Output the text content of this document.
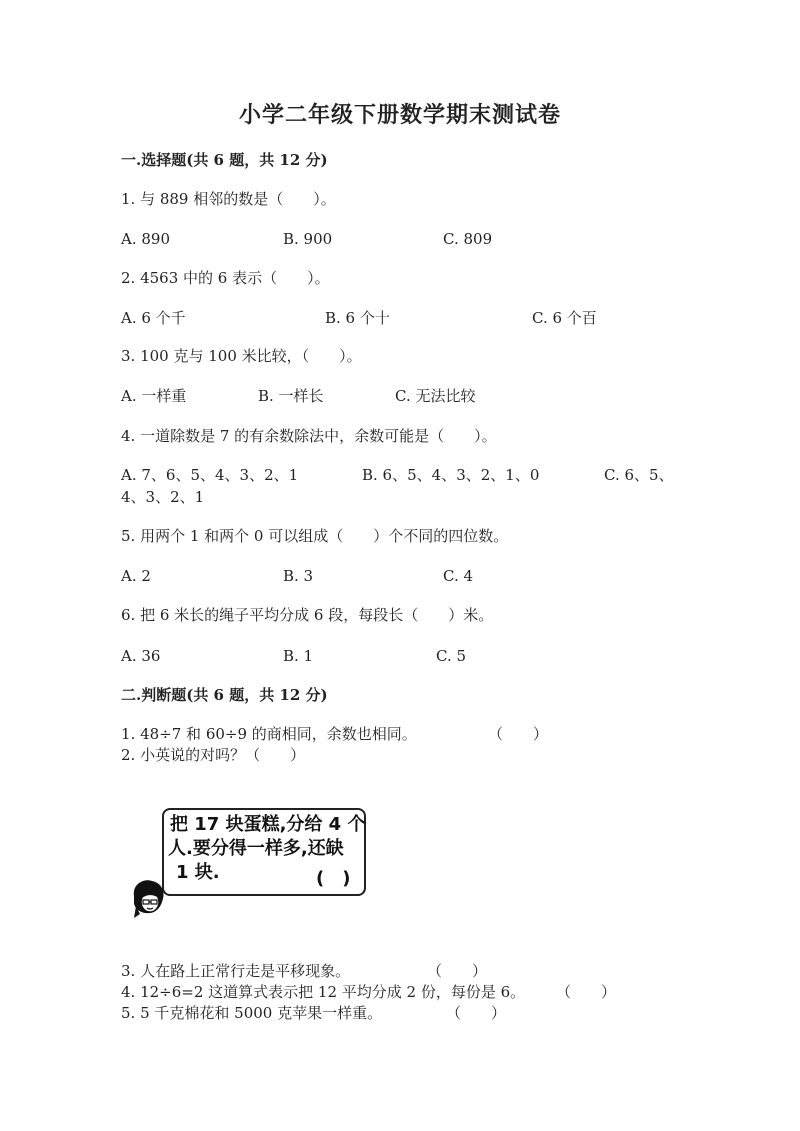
小学二年级下册数学期末测试卷
一.选择题(共 6 题，共 12 分)
1. 与 889 相邻的数是（　　）。
A. 890	B. 900	C. 809
2. 4563 中的 6 表示（　　）。
A. 6 个千	B. 6 个十	C. 6 个百
3. 100 克与 100 米比较，（　　）。
A. 一样重	B. 一样长	C. 无法比较
4. 一道除数是 7 的有余数除法中，余数可能是（　　）。
A. 7、6、5、4、3、2、1	B. 6、5、4、3、2、1、0	C. 6、5、
4、3、2、1
5. 用两个 1 和两个 0 可以组成（　　）个不同的四位数。
A. 2	B. 3	C. 4
6. 把 6 米长的绳子平均分成 6 段，每段长（　　）米。
A. 36	B. 1	C. 5
二.判断题(共 6 题，共 12 分)
1. 48÷7 和 60÷9 的商相同，余数也相同。	（　　）
2. 小英说的对吗？（　　）
把 17 块蛋糕,分给 4 个
人.要分得一样多,还缺
1 块.	(　)
3. 人在路上正常行走是平移现象。	（　　）
4. 12÷6=2 这道算式表示把 12 平均分成 2 份，每份是 6。 （　　）
5. 5 千克棉花和 5000 克苹果一样重。	（　　）
